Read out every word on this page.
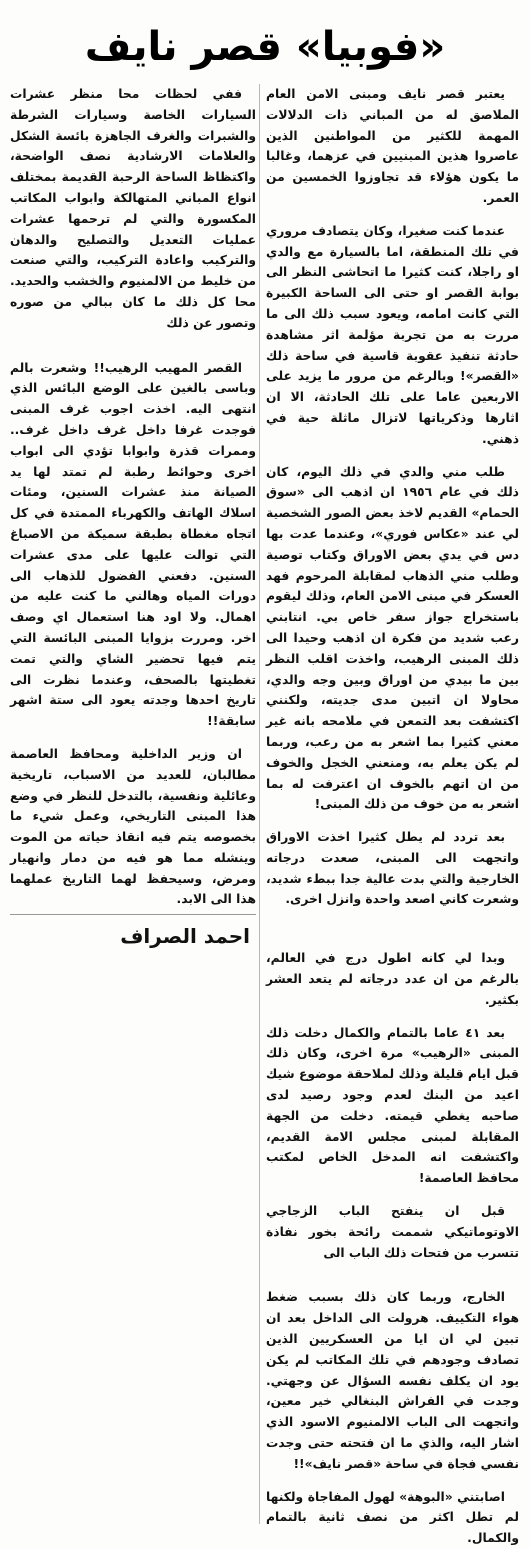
«فوبيا» قصر نايف

يعتبر قصر نايف ومبنى الامن العام الملاصق له من المباني ذات الدلالات المهمة للكثير من المواطنين الذين عاصروا هذين المبنيين في عزهما، وغالبا ما يكون هؤلاء قد تجاوزوا الخمسين من العمر.

عندما كنت صغيرا، وكان يتصادف مروري في تلك المنطقة، اما بالسيارة مع والدي او راجلا، كنت كثيرا ما اتحاشى النظر الى بوابة القصر او حتى الى الساحة الكبيرة التي كانت امامه، ويعود سبب ذلك الى ما مررت به من تجربة مؤلمة اثر مشاهدة حادثة تنفيذ عقوبة قاسية في ساحة ذلك «القصر»! وبالرغم من مرور ما يزيد على الاربعين عاما على تلك الحادثة، الا ان اثارها وذكرياتها لاتزال ماثلة حية في ذهني.

طلب مني والدي في ذلك اليوم، كان ذلك في عام ١٩٥٦ ان اذهب الى «سوق الحمام» القديم لاخذ بعض الصور الشخصية لي عند «عكاس فوري»، وعندما عدت بها دس في يدي بعض الاوراق وكتاب توصية وطلب مني الذهاب لمقابلة المرحوم فهد العسكر في مبنى الامن العام، وذلك ليقوم باستخراج جواز سفر خاص بي. انتابني رعب شديد من فكرة ان اذهب وحيدا الى ذلك المبنى الرهيب، واخذت اقلب النظر بين ما بيدي من اوراق وبين وجه والدي، محاولا ان اتبين مدى جديته، ولكنني اكتشفت بعد التمعن في ملامحه بانه غير معني كثيرا بما اشعر به من رعب، وربما لم يكن يعلم به، ومنعني الخجل والخوف من ان اتهم بالخوف ان اعترفت له بما اشعر به من خوف من ذلك المبنى!

بعد تردد لم يطل كثيرا اخذت الاوراق واتجهت الى المبنى، صعدت درجاته الخارجية والتي بدت عالية جدا ببطء شديد، وشعرت كاني اصعد واحدة وانزل اخرى.

وبدا لي كانه اطول درج في العالم، بالرغم من ان عدد درجاته لم يتعد العشر بكثير.

بعد ٤١ عاما بالتمام والكمال دخلت ذلك المبنى «الرهيب» مرة اخرى، وكان ذلك قبل ايام قليلة وذلك لملاحقة موضوع شيك اعيد من البنك لعدم وجود رصيد لدى صاحبه يغطي قيمته. دخلت من الجهة المقابلة لمبنى مجلس الامة القديم، واكتشفت انه المدخل الخاص لمكتب محافظ العاصمة!

قبل ان ينفتح الباب الزجاجي الاوتوماتيكي شممت رائحة بخور نفاذة تتسرب من فتحات ذلك الباب الى

الخارج، وربما كان ذلك بسبب ضغط هواء التكييف. هرولت الى الداخل بعد ان تبين لي ان ايا من العسكريين الذين تصادف وجودهم في تلك المكاتب لم يكن يود ان يكلف نفسه السؤال عن وجهتي. وجدت في الفراش البنغالي خير معين، واتجهت الى الباب الالمنيوم الاسود الذي اشار اليه، والذي ما ان فتحته حتى وجدت نفسي فجاة في ساحة «قصر نايف»!!

اصابتني «البوهة» لهول المفاجاة ولكنها لم تطل اكثر من نصف ثانية بالتمام والكمال.

ففي لحظات محا منظر عشرات السيارات الخاصة وسيارات الشرطة والشبرات والغرف الجاهزة بائسة الشكل والعلامات الارشادية نصف الواضحة، واكتظاظ الساحة الرحبة القديمة بمختلف انواع المباني المتهالكة وابواب المكاتب المكسورة والتي لم ترحمها عشرات عمليات التعديل والتصليح والدهان والتركيب واعادة التركيب، والتي صنعت من خليط من الالمنيوم والخشب والحديد. محا كل ذلك ما كان ببالي من صوره وتصور عن ذلك

القصر المهيب الرهيب!! وشعرت بالم وباسى بالغين على الوضع البائس الذي انتهى اليه. اخذت اجوب غرف المبنى فوجدت غرفا داخل غرف داخل غرف.. وممرات قذرة وابوابا تؤدي الى ابواب اخرى وحوائط رطبة لم تمتد لها يد الصيانة منذ عشرات السنين، ومئات اسلاك الهاتف والكهرباء الممتدة في كل اتجاه مغطاة بطبقة سميكة من الاصباغ التي توالت عليها على مدى عشرات السنين. دفعني الفضول للذهاب الى دورات المياه وهالني ما كنت عليه من اهمال. ولا اود هنا استعمال اي وصف اخر. ومررت بزوايا المبنى البائسة التي يتم فيها تحضير الشاي والتي تمت تغطيتها بالصحف، وعندما نظرت الى تاريخ احدها وجدته يعود الى ستة اشهر سابقة!!

ان وزير الداخلية ومحافظ العاصمة مطالبان، للعديد من الاسباب، تاريخية وعائلية ونفسية، بالتدخل للنظر في وضع هذا المبنى التاريخي، وعمل شيء ما بخصوصه يتم فيه انقاذ حياته من الموت وينشله مما هو فيه من دمار وانهيار ومرض، وسيحفظ لهما التاريخ عملهما هذا الى الابد.

احمد الصراف
